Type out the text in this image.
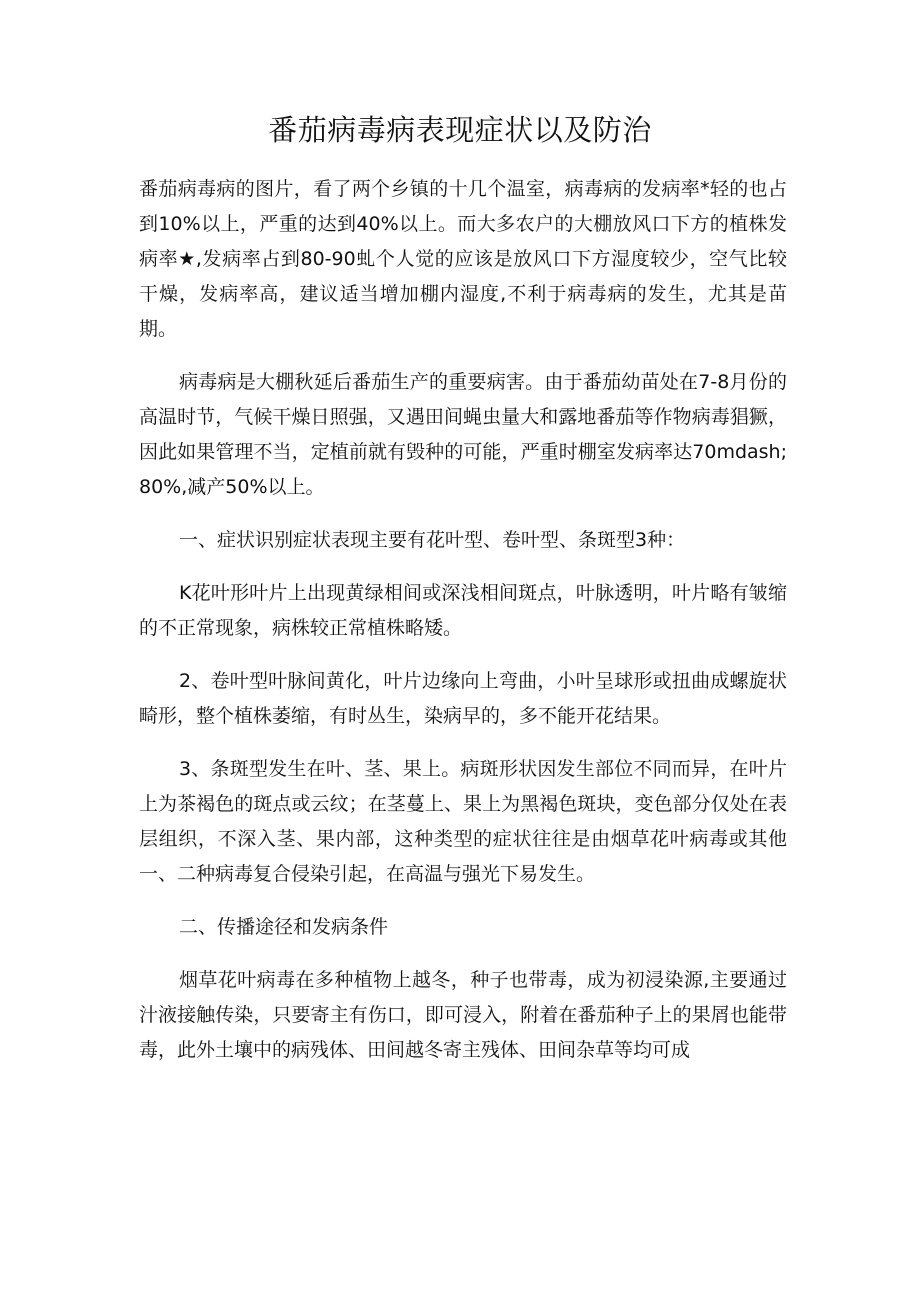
番茄病毒病表现症状以及防治

番茄病毒病的图片，看了两个乡镇的十几个温室，病毒病的发病率*轻的也占到10%以上，严重的达到40%以上。而大多农户的大棚放风口下方的植株发病率★,发病率占到80-90虬个人觉的应该是放风口下方湿度较少，空气比较干燥，发病率高，建议适当增加棚内湿度,不利于病毒病的发生，尤其是苗期。

病毒病是大棚秋延后番茄生产的重要病害。由于番茄幼苗处在7-8月份的高温时节，气候干燥日照强，又遇田间蝇虫量大和露地番茄等作物病毒猖獗，因此如果管理不当，定植前就有毁种的可能，严重时棚室发病率达70mdash;80%,减产50%以上。

一、症状识别症状表现主要有花叶型、卷叶型、条斑型3种：

K花叶形叶片上出现黄绿相间或深浅相间斑点，叶脉透明，叶片略有皱缩的不正常现象，病株较正常植株略矮。

2、卷叶型叶脉间黄化，叶片边缘向上弯曲，小叶呈球形或扭曲成螺旋状畸形，整个植株萎缩，有时丛生，染病早的，多不能开花结果。

3、条斑型发生在叶、茎、果上。病斑形状因发生部位不同而异，在叶片上为茶褐色的斑点或云纹；在茎蔓上、果上为黑褐色斑块，变色部分仅处在表层组织，不深入茎、果内部，这种类型的症状往往是由烟草花叶病毒或其他一、二种病毒复合侵染引起，在高温与强光下易发生。

二、传播途径和发病条件

烟草花叶病毒在多种植物上越冬，种子也带毒，成为初浸染源,主要通过汁液接触传染，只要寄主有伤口，即可浸入，附着在番茄种子上的果屑也能带毒，此外土壤中的病残体、田间越冬寄主残体、田间杂草等均可成
